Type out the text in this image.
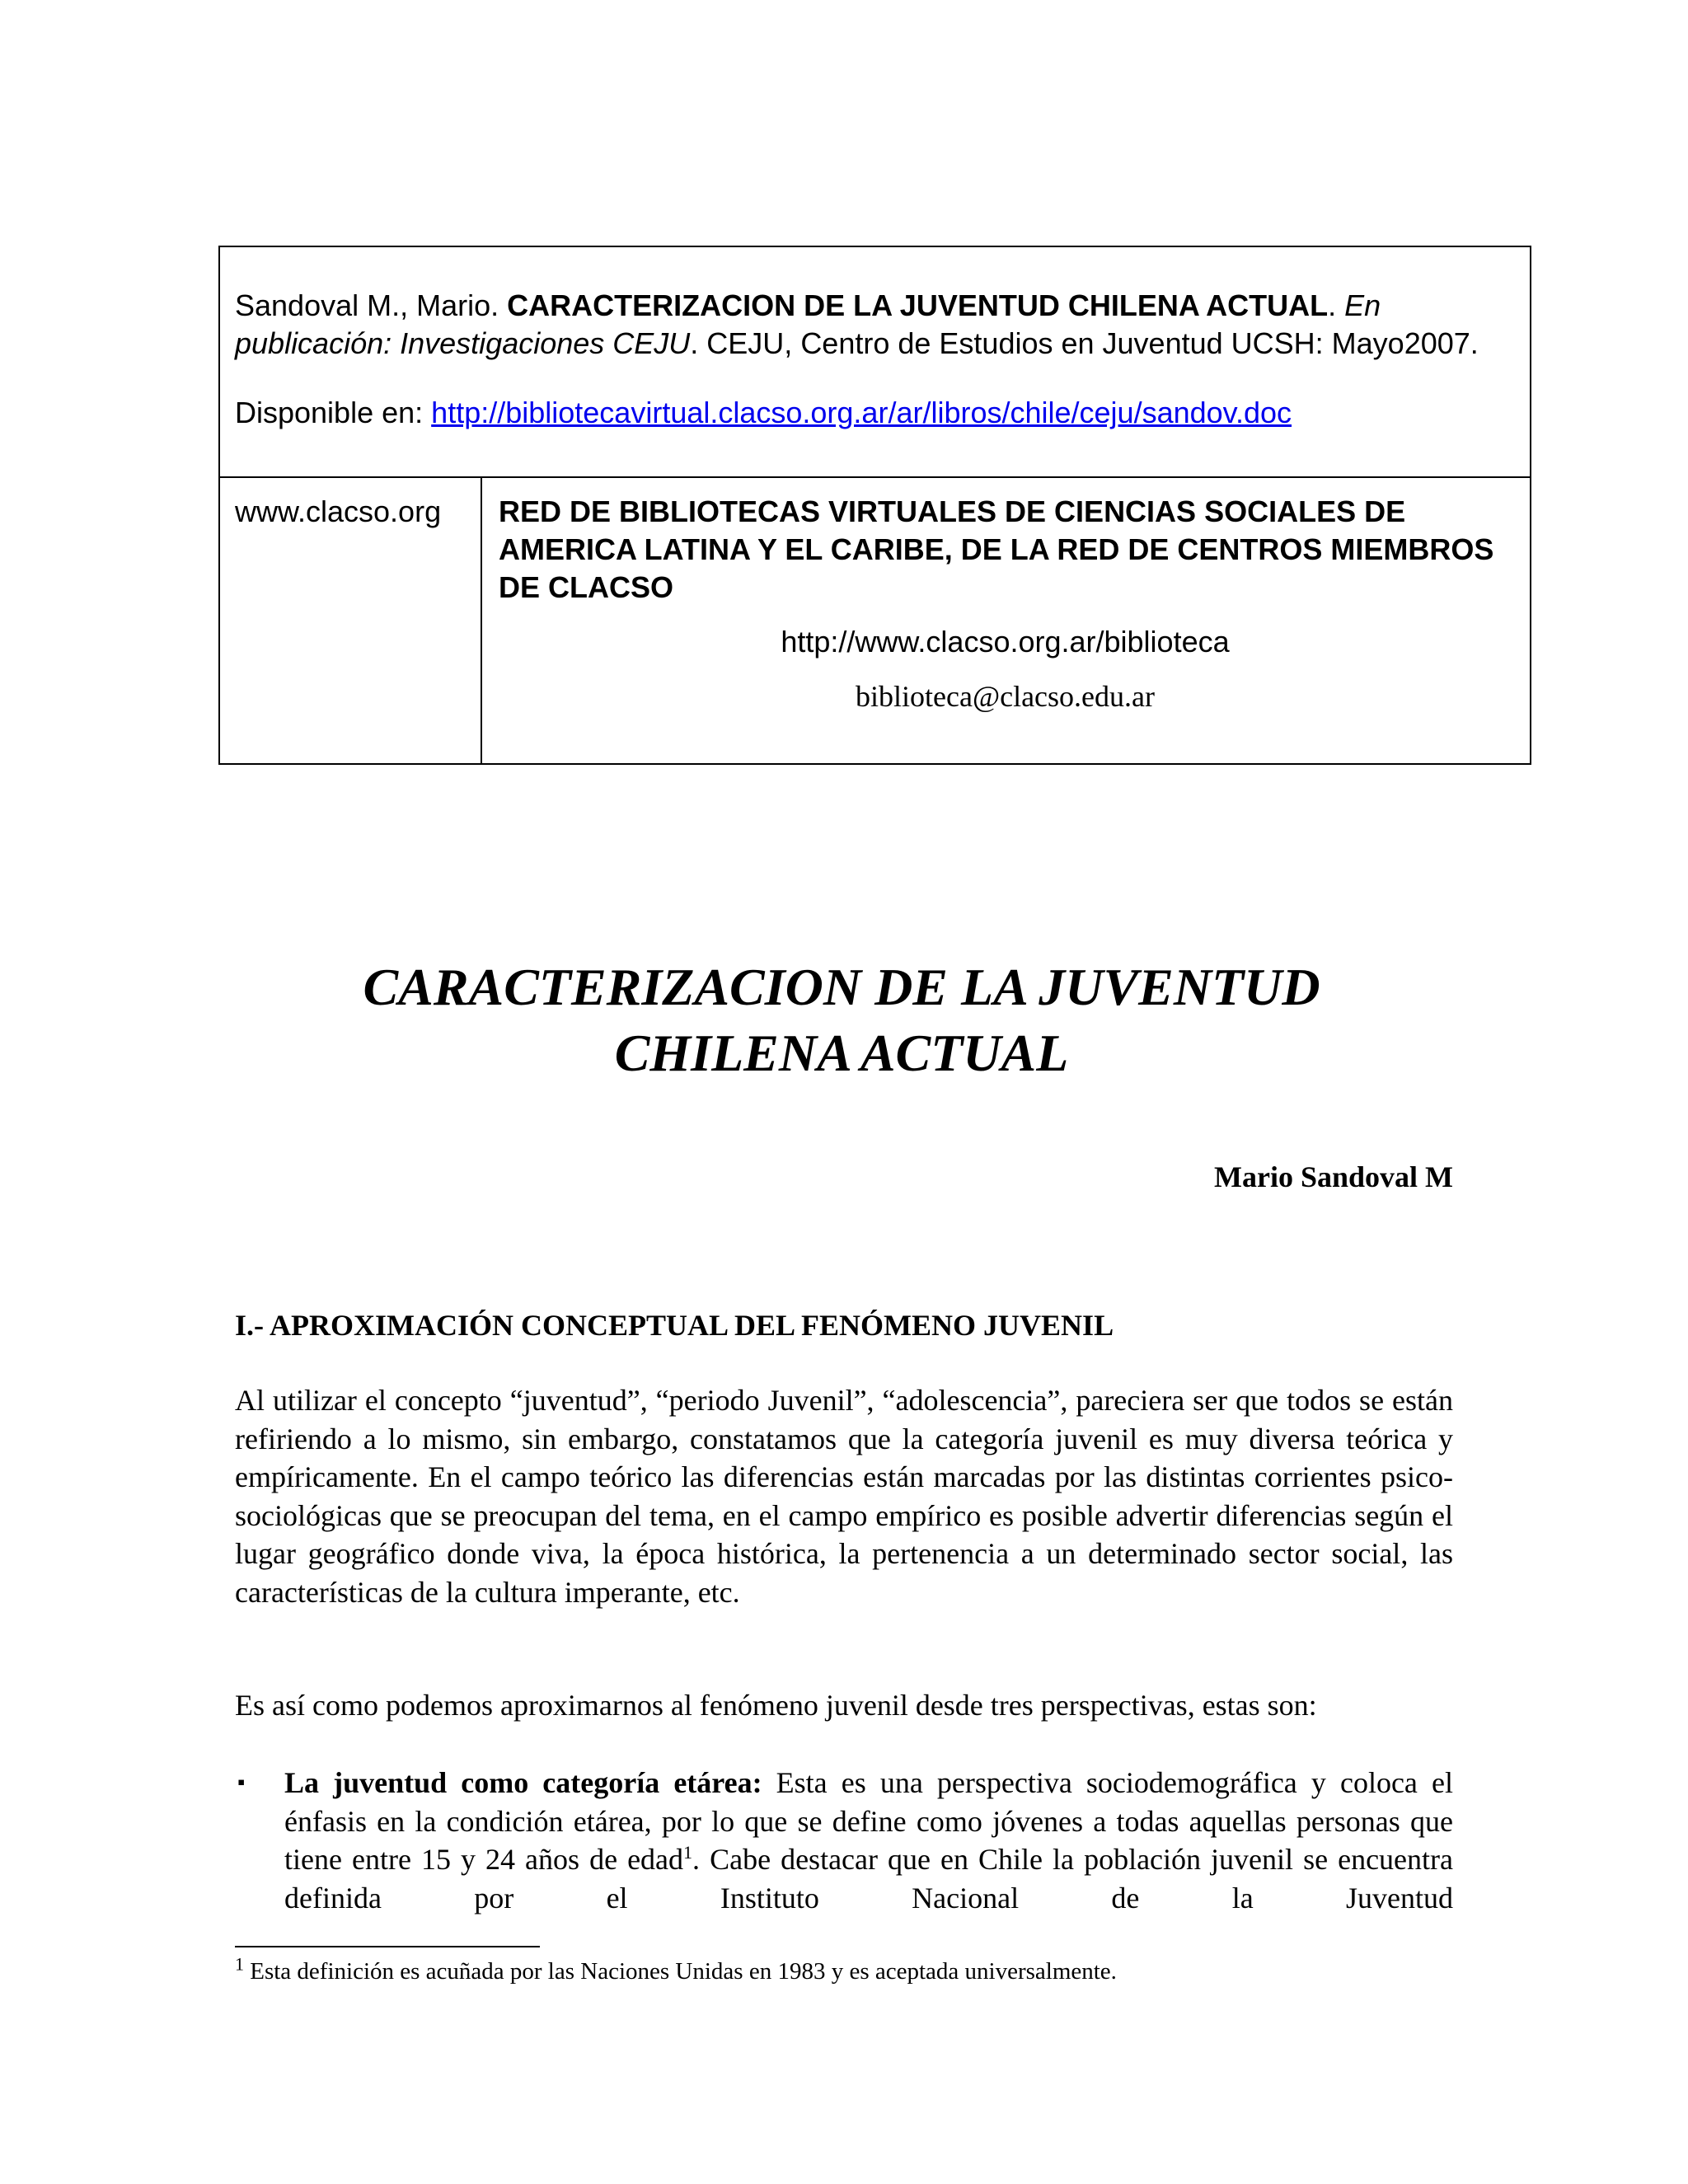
Sandoval M., Mario. CARACTERIZACION DE LA JUVENTUD CHILENA ACTUAL. En publicación: Investigaciones CEJU. CEJU, Centro de Estudios en Juventud UCSH: Mayo2007.
Disponible en: http://bibliotecavirtual.clacso.org.ar/ar/libros/chile/ceju/sandov.doc
www.clacso.org	RED DE BIBLIOTECAS VIRTUALES DE CIENCIAS SOCIALES DE AMERICA LATINA Y EL CARIBE, DE LA RED DE CENTROS MIEMBROS DE CLACSO
http://www.clacso.org.ar/biblioteca
biblioteca@clacso.edu.ar
CARACTERIZACION DE LA JUVENTUD
CHILENA ACTUAL
Mario Sandoval M
I.- APROXIMACIÓN CONCEPTUAL DEL FENÓMENO JUVENIL
Al utilizar el concepto “juventud”, “periodo Juvenil”, “adolescencia”, pareciera ser que todos se están refiriendo a lo mismo, sin embargo, constatamos que la categoría juvenil es muy diversa teórica y empíricamente. En el campo teórico las diferencias están marcadas por las distintas corrientes psico-sociológicas que se preocupan del tema, en el campo empírico es posible advertir diferencias según el lugar geográfico donde viva, la época histórica, la pertenencia a un determinado sector social, las características de la cultura imperante, etc.
Es así como podemos aproximarnos al fenómeno juvenil desde tres perspectivas, estas son:
▪ La juventud como categoría etárea: Esta es una perspectiva sociodemográfica y coloca el énfasis en la condición etárea, por lo que se define como jóvenes a todas aquellas personas que tiene entre 15 y 24 años de edad$^1$. Cabe destacar que en Chile la población juvenil se encuentra definida por el Instituto Nacional de la Juventud
$^1$ Esta definición es acuñada por las Naciones Unidas en 1983 y es aceptada universalmente.
